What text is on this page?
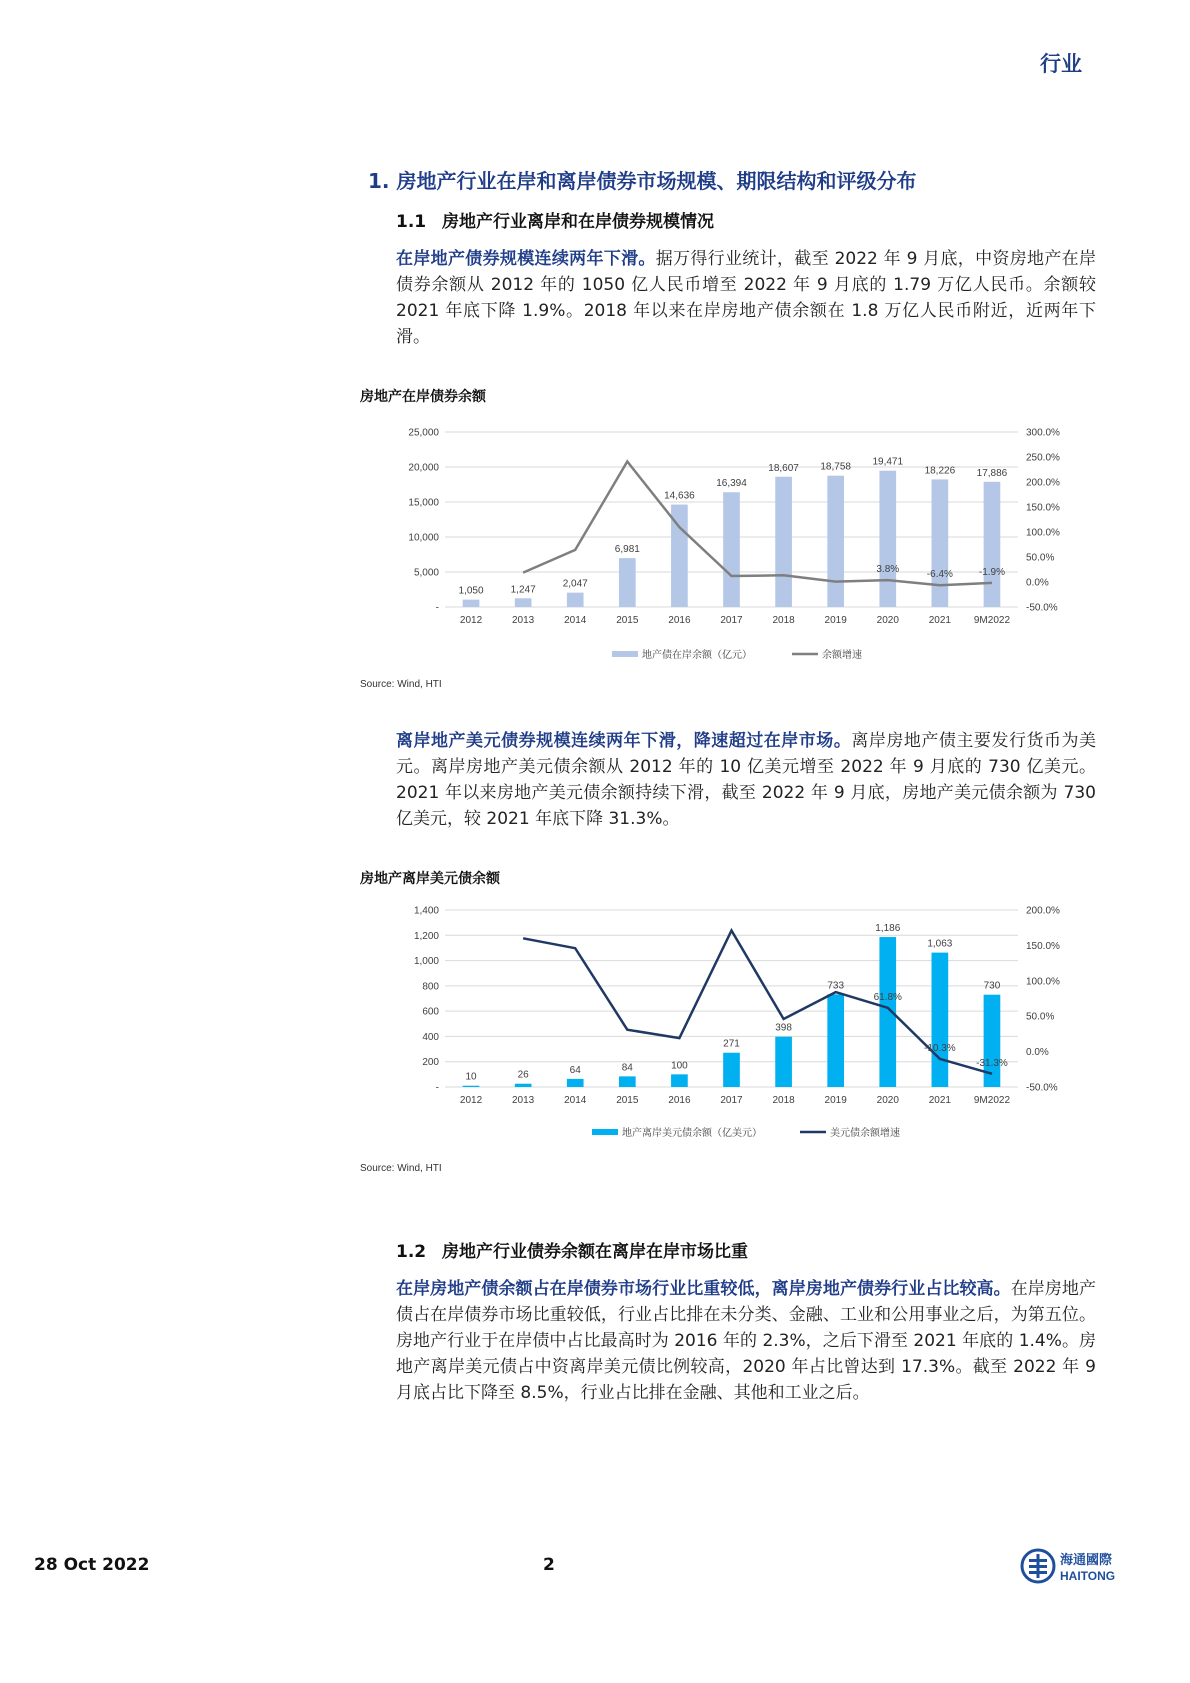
行业
1. 房地产行业在岸和离岸债券市场规模、期限结构和评级分布
1.1 房地产行业离岸和在岸债券规模情况
在岸地产债券规模连续两年下滑。据万得行业统计，截至 2022 年 9 月底，中资房地产在岸债券余额从 2012 年的 1050 亿人民币增至 2022 年 9 月底的 1.79 万亿人民币。余额较 2021 年底下降 1.9%。2018 年以来在岸房地产债余额在 1.8 万亿人民币附近，近两年下滑。
房地产在岸债券余额
-
5,000
10,000
15,000
20,000
25,000
-50.0%
0.0%
50.0%
100.0%
150.0%
200.0%
250.0%
300.0%
1,050
2012
1,247
2013
2,047
2014
6,981
2015
14,636
2016
16,394
2017
18,607
2018
18,758
2019
19,471
2020
18,226
2021
17,886
9M2022
3.8%	-6.4%	-1.9%
地产债在岸余额（亿元）	余额增速
Source: Wind, HTI
离岸地产美元债券规模连续两年下滑，降速超过在岸市场。离岸房地产债主要发行货币为美元。离岸房地产美元债余额从 2012 年的 10 亿美元增至 2022 年 9 月底的 730 亿美元。2021 年以来房地产美元债余额持续下滑，截至 2022 年 9 月底，房地产美元债余额为 730 亿美元，较 2021 年底下降 31.3%。
房地产离岸美元债余额
-
200
400
600
800
1,000
1,200
1,400
-50.0%
0.0%
50.0%
100.0%
150.0%
200.0%
10
2012
26
2013
64
2014
84
2015
100
2016
271
2017
398
2018
733
2019
1,186
2020
1,063
2021
730
9M2022
61.8%
-10.3%
-31.3%
地产离岸美元债余额（亿美元）	美元债余额增速
Source: Wind, HTI
1.2 房地产行业债券余额在离岸在岸市场比重
在岸房地产债余额占在岸债券市场行业比重较低，离岸房地产债券行业占比较高。在岸房地产债占在岸债券市场比重较低，行业占比排在未分类、金融、工业和公用事业之后，为第五位。房地产行业于在岸债中占比最高时为 2016 年的 2.3%，之后下滑至 2021 年底的 1.4%。房地产离岸美元债占中资离岸美元债比例较高，2020 年占比曾达到 17.3%。截至 2022 年 9 月底占比下降至 8.5%，行业占比排在金融、其他和工业之后。
28 Oct 2022	2	海通國際
HAITONG
